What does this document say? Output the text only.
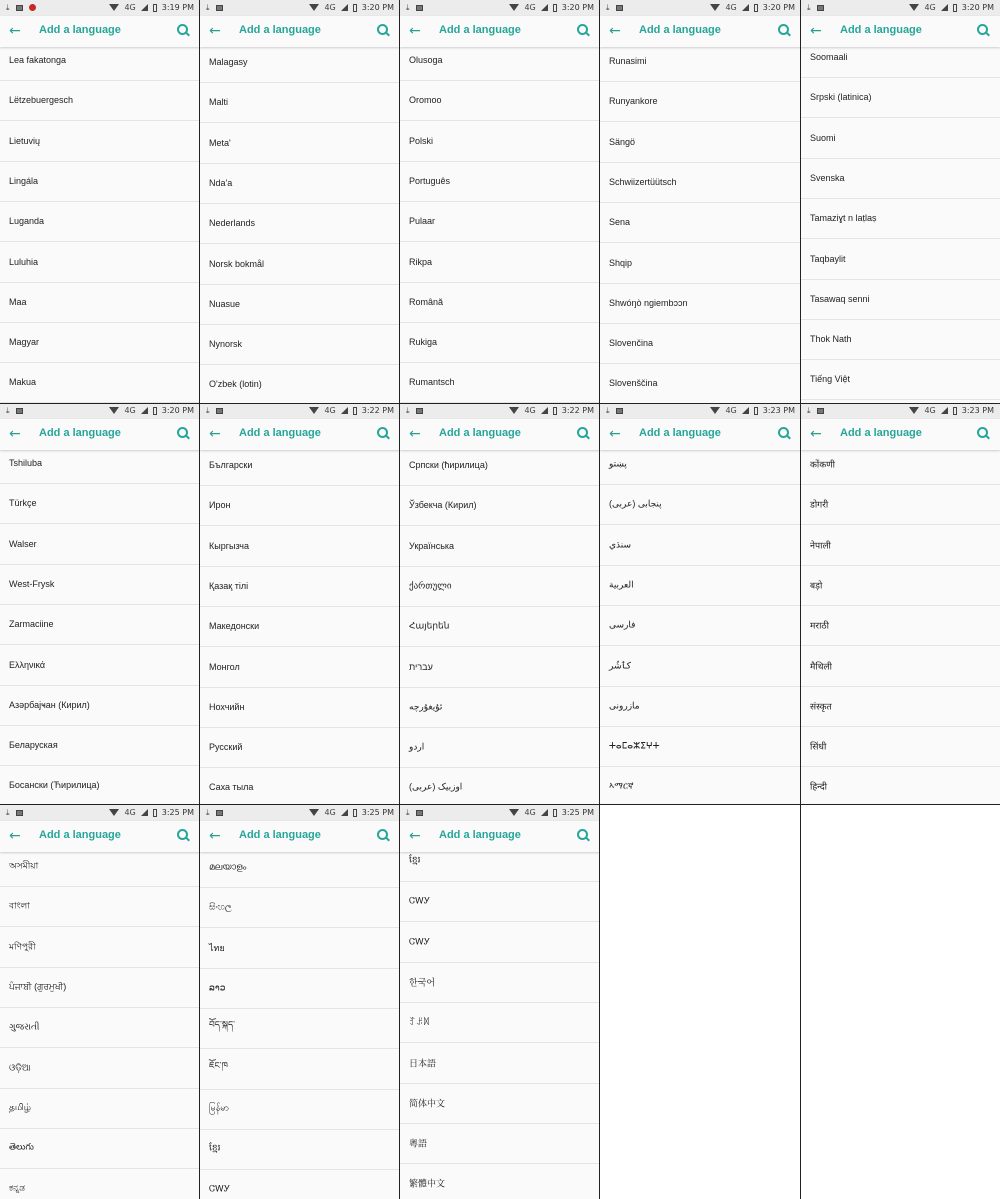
⤓	4G	3:19 PM
← Add a language
Lea fakatonga
Lëtzebuergesch
Lietuvių
Lingála
Luganda
Luluhia
Maa
Magyar
Makua
⤓	4G	3:20 PM
← Add a language
Malagasy
Malti
Meta'
Nda'a
Nederlands
Norsk bokmål
Nuasue
Nynorsk
O'zbek (lotin)
⤓	4G	3:20 PM
← Add a language
Olusoga
Oromoo
Polski
Português
Pulaar
Rikpa
Română
Rukiga
Rumantsch
⤓	4G	3:20 PM
← Add a language
Runasimi
Runyankore
Sängö
Schwiizertüütsch
Sena
Shqip
Shwóŋò ngiembɔɔn
Slovenčina
Slovenščina
⤓	4G	3:20 PM
← Add a language
Soomaali
Srpski (latinica)
Suomi
Svenska
Tamaziɣt n laṭlaṣ
Taqbaylit
Tasawaq senni
Thok Nath
Tiếng Việt
⤓	4G	3:20 PM
← Add a language
Tshiluba
Türkçe
Walser
West-Frysk
Zarmaciine
Ελληνικά
Азәрбајҹан (Кирил)
Беларуская
Босански (Ћирилица)
⤓	4G	3:22 PM
← Add a language
Български
Ирон
Кыргызча
Қазақ тілі
Македонски
Монгол
Нохчийн
Русский
Саха тыла
⤓	4G	3:22 PM
← Add a language
Српски (ћирилица)
Ўзбекча (Кирил)
Українська
ქართული
Հայերեն
עברית
ئۇيغۇرچە
اردو
اوزبیک (عربی)
⤓	4G	3:23 PM
← Add a language
پښتو
پنجابی (عربی)
سنڌي
العربية
فارسی
کٲشُر
مازرونی
ⵜⴰⵎⴰⵣⵉⵖⵜ
ኣማርኛ
⤓	4G	3:23 PM
← Add a language
कोंकणी
डोगरी
नेपाली
बड़ो
मराठी
मैथिली
संस्कृत
सिंधी
हिन्दी
⤓	4G	3:25 PM
← Add a language
অসমীয়া
বাংলা
মণিপুরী
ਪੰਜਾਬੀ (ਗੁਰਮੁਖੀ)
ગુજરાતી
ଓଡ଼ିଆ
தமிழ்
తెలుగు
ಕನ್ನಡ
⤓	4G	3:25 PM
← Add a language
മലയാളം
සිංහල
ไทย
ລາວ
བོད་སྐད་
ཇོང་ཁ
မြန်မာ
ខ្មែរ
ᏣᎳᎩ
⤓	4G	3:25 PM
← Add a language
ខ្មែរ
ᏣᎳᎩ
ᏣᎳᎩ
한국어
ꆈꌠꉙ
日本語
简体中文
粵語
繁體中文
